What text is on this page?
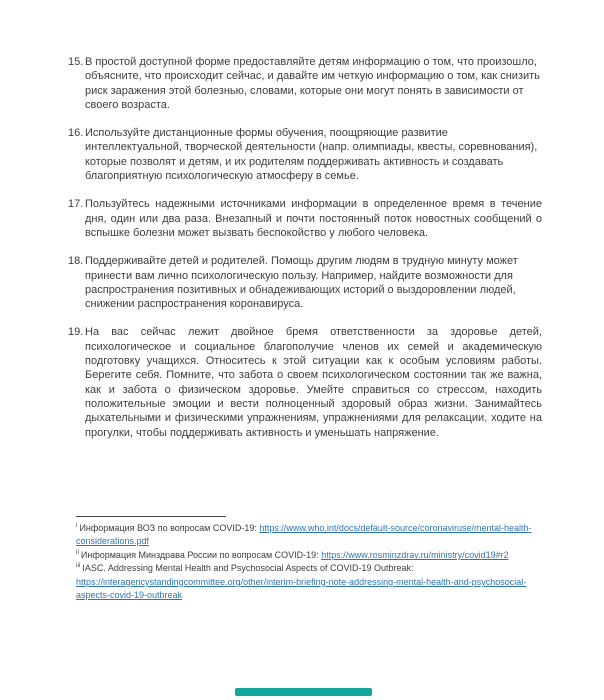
15. В простой доступной форме предоставляйте детям информацию о том, что произошло, объясните, что происходит сейчас, и давайте им четкую информацию о том, как снизить риск заражения этой болезнью, словами, которые они могут понять в зависимости от своего возраста.
16. Используйте дистанционные формы обучения, поощряющие развитие интеллектуальной, творческой деятельности (напр. олимпиады, квесты, соревнования), которые позволят и детям, и их родителям поддерживать активность и создавать благоприятную психологическую атмосферу в семье.
17. Пользуйтесь надежными источниками информации в определенное время в течение дня, один или два раза. Внезапный и почти постоянный поток новостных сообщений о вспышке болезни может вызвать беспокойство у любого человека.
18. Поддерживайте детей и родителей. Помощь другим людям в трудную минуту может принести вам лично психологическую пользу. Например, найдите возможности для распространения позитивных и обнадеживающих историй о выздоровлении людей, снижении распространения коронавируса.
19. На вас сейчас лежит двойное бремя ответственности за здоровье детей, психологическое и социальное благополучие членов их семей и академическую подготовку учащихся. Относитесь к этой ситуации как к особым условиям работы. Берегите себя. Помните, что забота о своем психологическом состоянии так же важна, как и забота о физическом здоровье. Умейте справиться со стрессом, находить положительные эмоции и вести полноценный здоровый образ жизни. Занимайтесь дыхательными и физическими упражнениям, упражнениями для релаксации, ходите на прогулки, чтобы поддерживать активность и уменьшать напряжение.
$^i$ Информация ВОЗ по вопросам COVID-19: https://www.who.int/docs/default-source/coronaviruse/mental-health-considerations.pdf
$^{ii}$ Информация Минздрава России по вопросам COVID-19: https://www.rosminzdrav.ru/ministry/covid19#r2
$^{iii}$ IASC. Addressing Mental Health and Psychosocial Aspects of COVID-19 Outbreak: https://interagencystandingcommittee.org/other/interim-briefing-note-addressing-mental-health-and-psychosocial-aspects-covid-19-outbreak
